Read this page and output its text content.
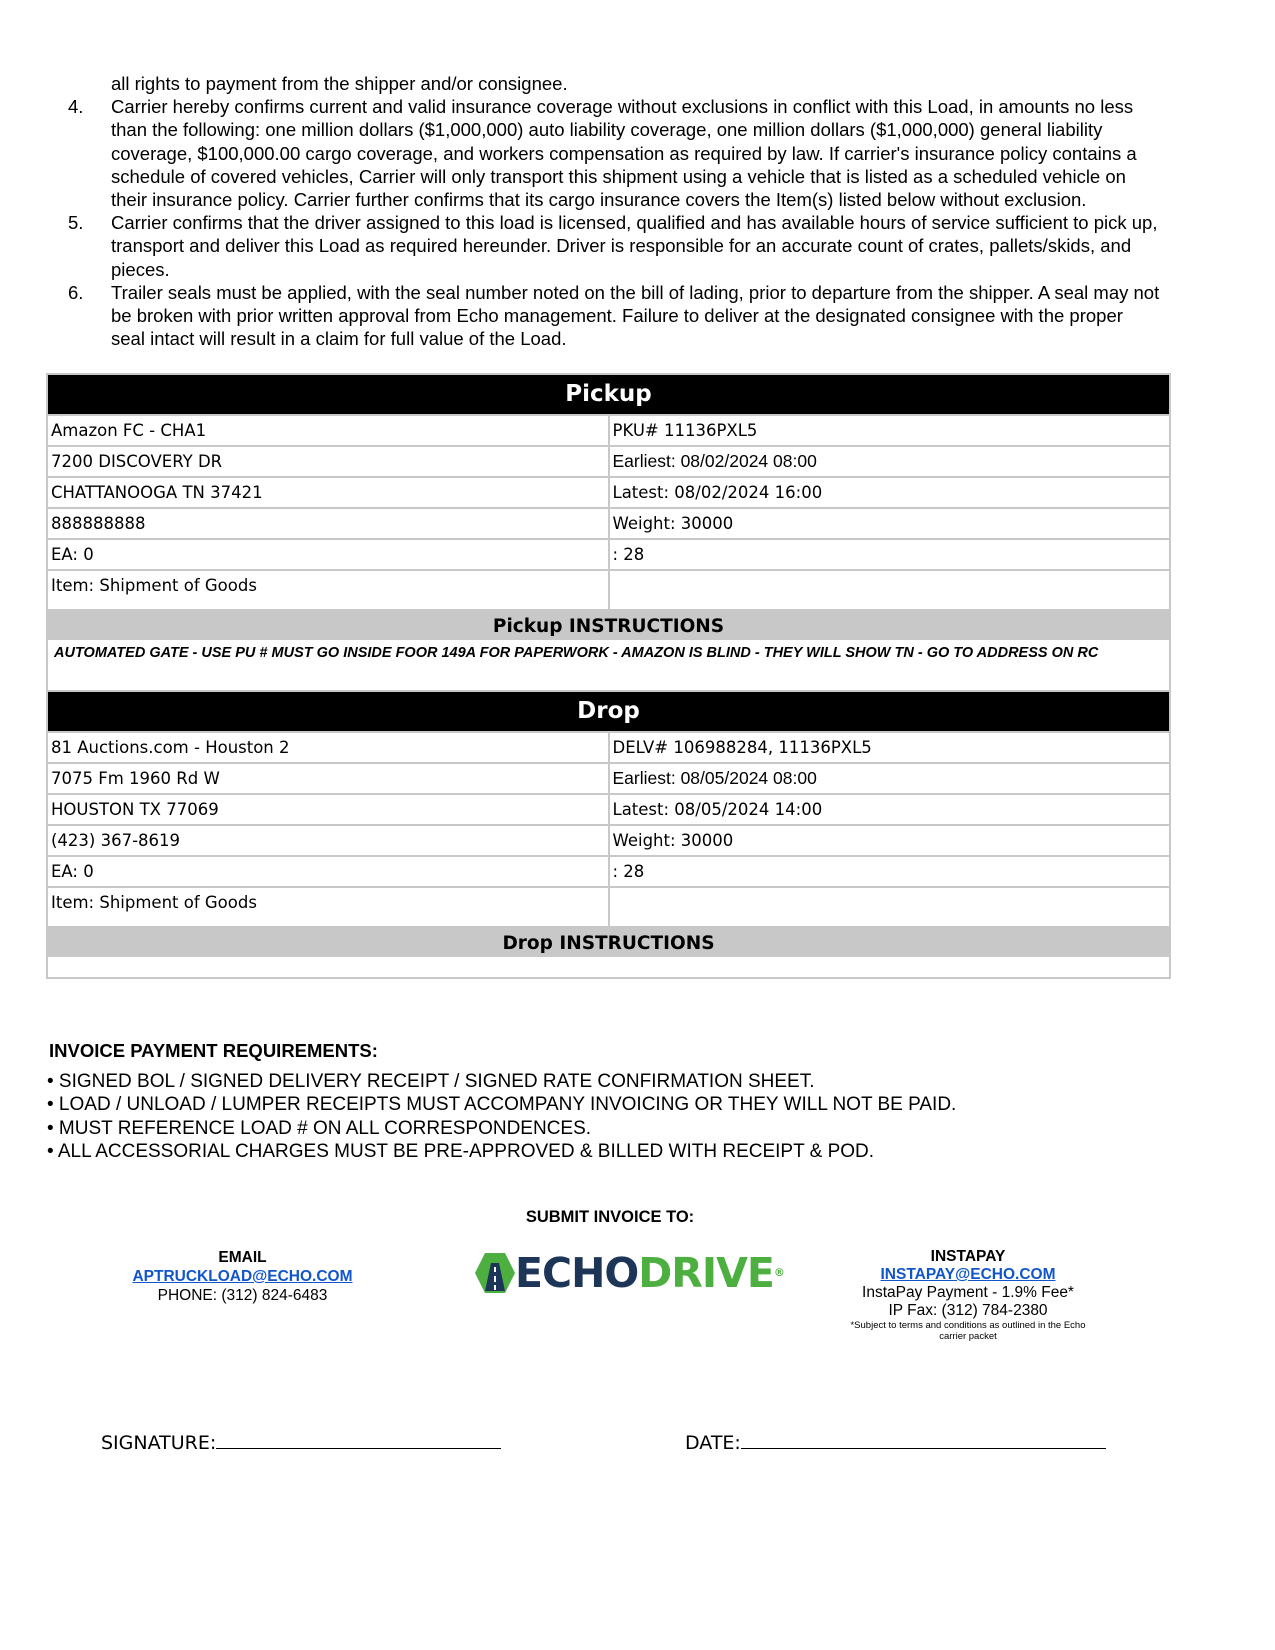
all rights to payment from the shipper and/or consignee.
4.	Carrier hereby confirms current and valid insurance coverage without exclusions in conflict with this Load, in amounts no less than the following: one million dollars ($1,000,000) auto liability coverage, one million dollars ($1,000,000) general liability coverage, $100,000.00 cargo coverage, and workers compensation as required by law. If carrier's insurance policy contains a schedule of covered vehicles, Carrier will only transport this shipment using a vehicle that is listed as a scheduled vehicle on their insurance policy. Carrier further confirms that its cargo insurance covers the Item(s) listed below without exclusion.
5.	Carrier confirms that the driver assigned to this load is licensed, qualified and has available hours of service sufficient to pick up, transport and deliver this Load as required hereunder. Driver is responsible for an accurate count of crates, pallets/skids, and pieces.
6.	Trailer seals must be applied, with the seal number noted on the bill of lading, prior to departure from the shipper. A seal may not be broken with prior written approval from Echo management. Failure to deliver at the designated consignee with the proper seal intact will result in a claim for full value of the Load.
Pickup
Amazon FC - CHA1	PKU# 11136PXL5
7200 DISCOVERY DR	Earliest: 08/02/2024 08:00
CHATTANOOGA TN 37421	Latest: 08/02/2024 16:00
888888888	Weight: 30000
EA: 0	: 28
Item: Shipment of Goods
Pickup INSTRUCTIONS
AUTOMATED GATE - USE PU # MUST GO INSIDE FOOR 149A FOR PAPERWORK - AMAZON IS BLIND - THEY WILL SHOW TN - GO TO ADDRESS ON RC
Drop
81 Auctions.com - Houston 2	DELV# 106988284, 11136PXL5
7075 Fm 1960 Rd W	Earliest: 08/05/2024 08:00
HOUSTON TX 77069	Latest: 08/05/2024 14:00
(423) 367-8619	Weight: 30000
EA: 0	: 28
Item: Shipment of Goods
Drop INSTRUCTIONS
INVOICE PAYMENT REQUIREMENTS:
• SIGNED BOL / SIGNED DELIVERY RECEIPT / SIGNED RATE CONFIRMATION SHEET.
• LOAD / UNLOAD / LUMPER RECEIPTS MUST ACCOMPANY INVOICING OR THEY WILL NOT BE PAID.
• MUST REFERENCE LOAD # ON ALL CORRESPONDENCES.
• ALL ACCESSORIAL CHARGES MUST BE PRE-APPROVED & BILLED WITH RECEIPT & POD.
SUBMIT INVOICE TO:
EMAIL
APTRUCKLOAD@ECHO.COM
PHONE: (312) 824-6483	ECHODRIVE®
INSTAPAY
INSTAPAY@ECHO.COM
InstaPay Payment - 1.9% Fee*
IP Fax: (312) 784-2380
*Subject to terms and conditions as outlined in the Echo carrier packet
SIGNATURE:	DATE:
